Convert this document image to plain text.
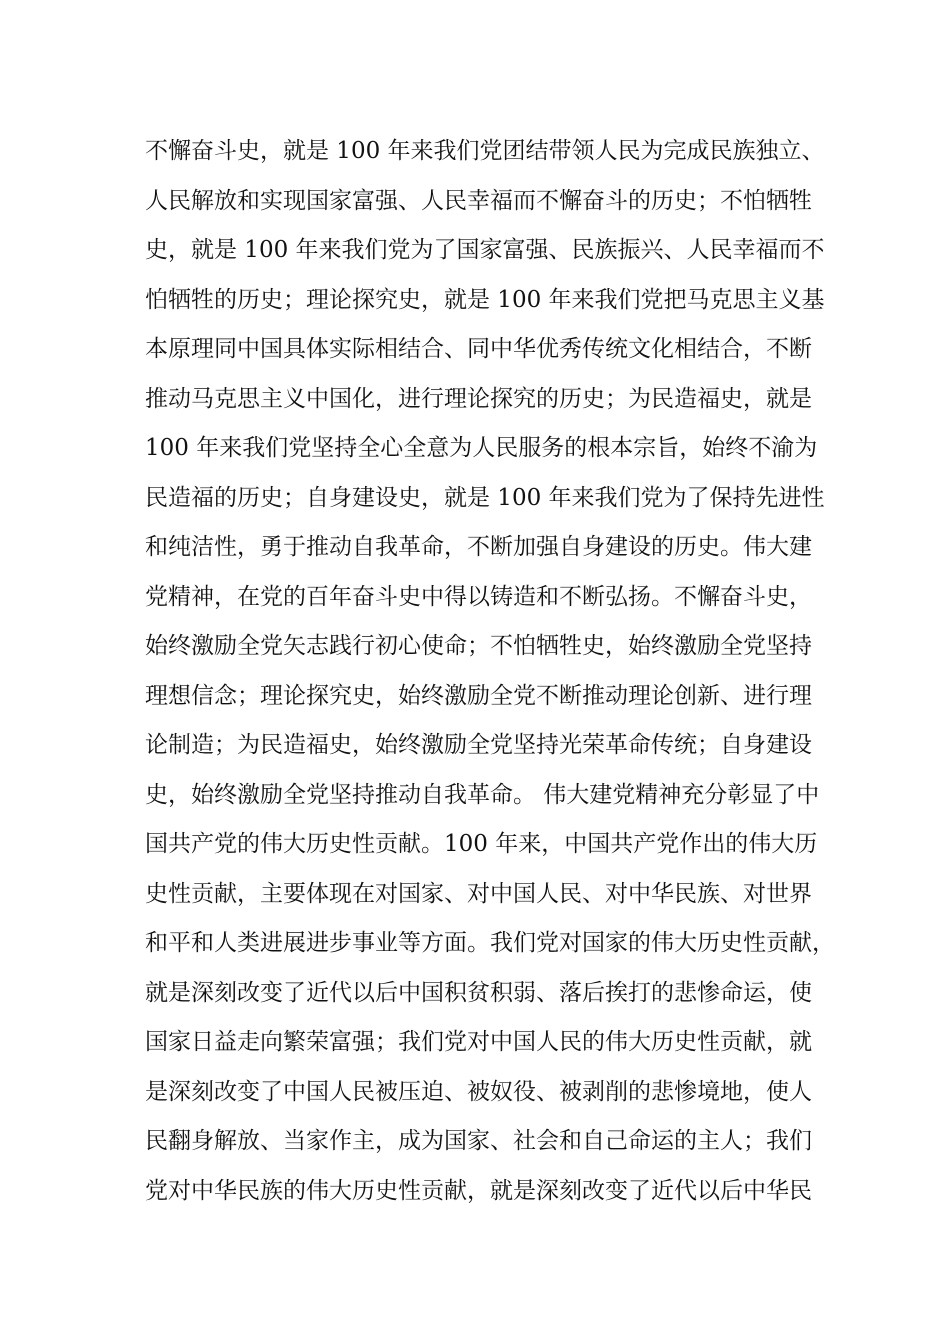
不懈奋斗史，就是 100 年来我们党团结带领人民为完成民族独立、
人民解放和实现国家富强、人民幸福而不懈奋斗的历史；不怕牺牲
史，就是 100 年来我们党为了国家富强、民族振兴、人民幸福而不
怕牺牲的历史；理论探究史，就是 100 年来我们党把马克思主义基
本原理同中国具体实际相结合、同中华优秀传统文化相结合，不断
推动马克思主义中国化，进行理论探究的历史；为民造福史，就是
100 年来我们党坚持全心全意为人民服务的根本宗旨，始终不渝为
民造福的历史；自身建设史，就是 100 年来我们党为了保持先进性
和纯洁性，勇于推动自我革命，不断加强自身建设的历史。伟大建
党精神，在党的百年奋斗史中得以铸造和不断弘扬。不懈奋斗史，
始终激励全党矢志践行初心使命；不怕牺牲史，始终激励全党坚持
理想信念；理论探究史，始终激励全党不断推动理论创新、进行理
论制造；为民造福史，始终激励全党坚持光荣革命传统；自身建设
史，始终激励全党坚持推动自我革命。 伟大建党精神充分彰显了中
国共产党的伟大历史性贡献。100 年来，中国共产党作出的伟大历
史性贡献，主要体现在对国家、对中国人民、对中华民族、对世界
和平和人类进展进步事业等方面。我们党对国家的伟大历史性贡献，
就是深刻改变了近代以后中国积贫积弱、落后挨打的悲惨命运，使
国家日益走向繁荣富强；我们党对中国人民的伟大历史性贡献，就
是深刻改变了中国人民被压迫、被奴役、被剥削的悲惨境地，使人
民翻身解放、当家作主，成为国家、社会和自己命运的主人；我们
党对中华民族的伟大历史性贡献，就是深刻改变了近代以后中华民
